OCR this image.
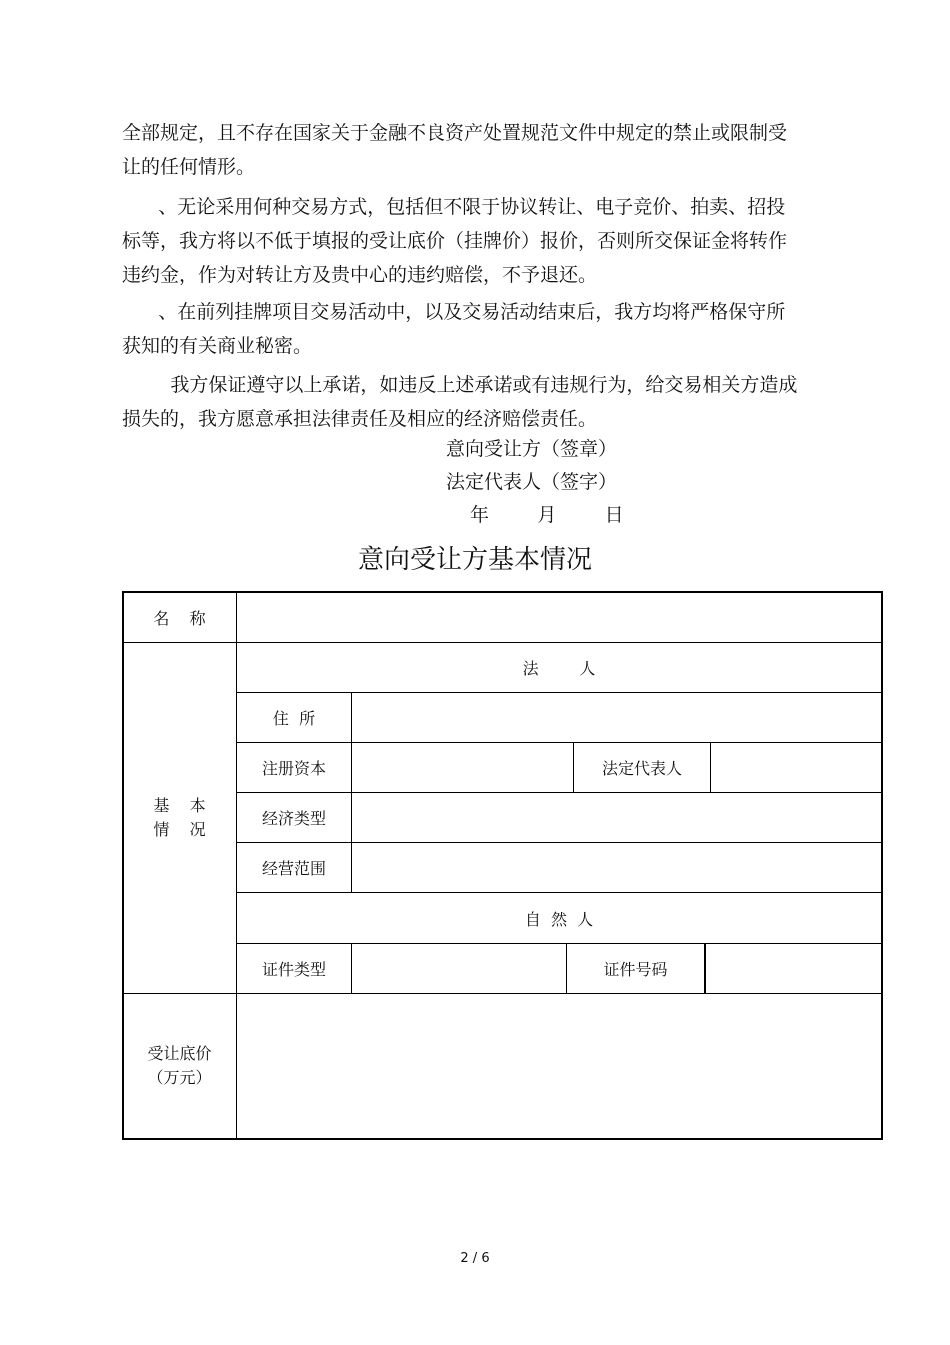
全部规定，且不存在国家关于金融不良资产处置规范文件中规定的禁止或限制受让的任何情形。

、无论采用何种交易方式，包括但不限于协议转让、电子竞价、拍卖、招投标等，我方将以不低于填报的受让底价（挂牌价）报价，否则所交保证金将转作违约金，作为对转让方及贵中心的违约赔偿，不予退还。

、在前列挂牌项目交易活动中，以及交易活动结束后，我方均将严格保守所获知的有关商业秘密。

我方保证遵守以上承诺，如违反上述承诺或有违规行为，给交易相关方造成损失的，我方愿意承担法律责任及相应的经济赔偿责任。

意向受让方（签章）

法定代表人（签字）

年        月        日

意向受让方基本情况

名    称
法        人
住  所
注册资本	法定代表人
经济类型
经营范围
自  然  人
证件类型	证件号码
基    本
情    况
受让底价
（万元）
2 / 6
